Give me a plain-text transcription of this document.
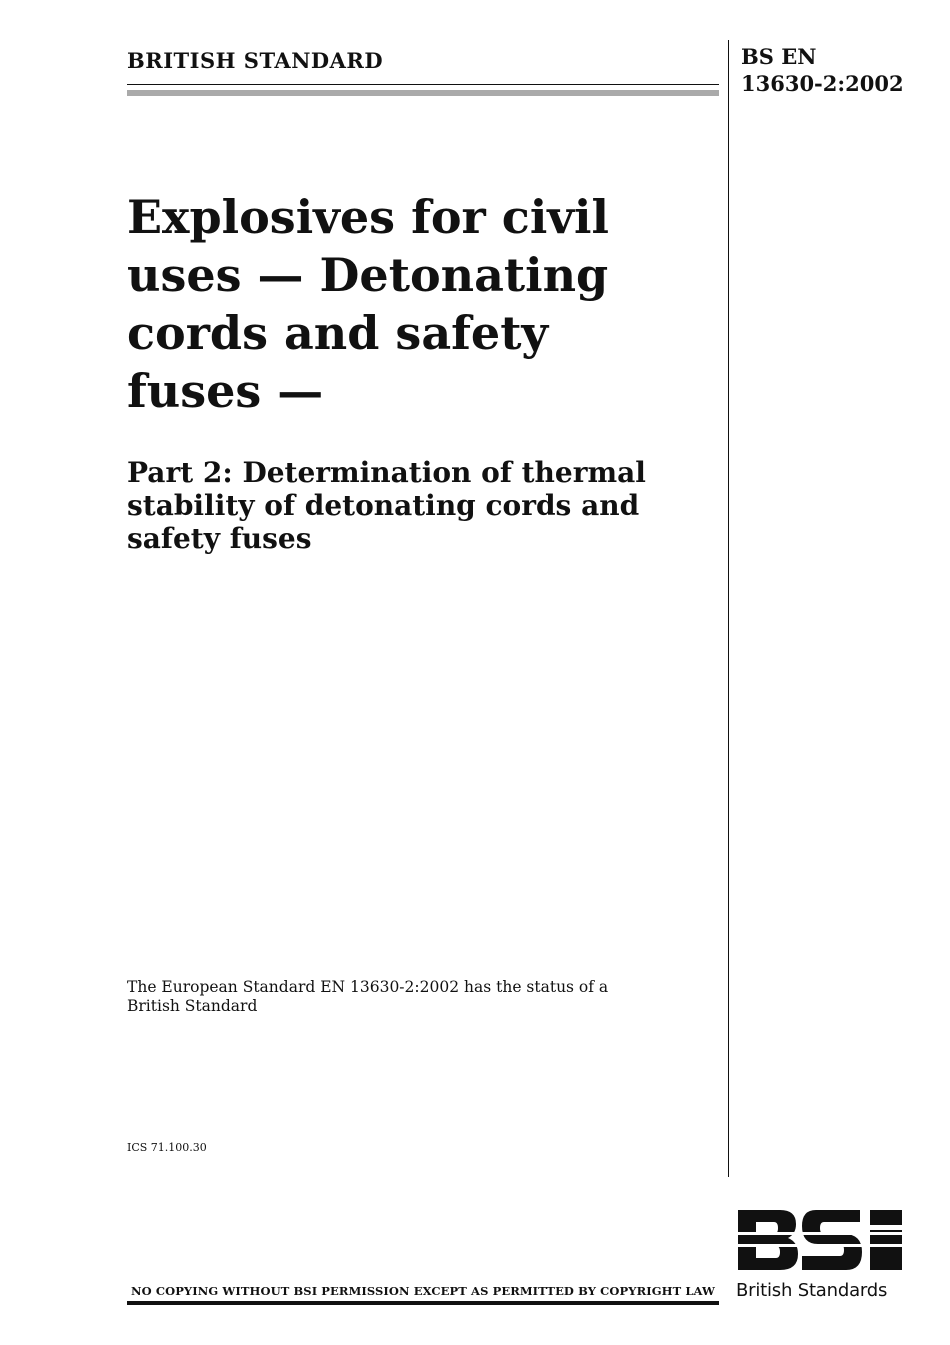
BRITISH STANDARD	BS EN
13630-2:2002
Explosives for civil
uses — Detonating
cords and safety
fuses —
Part 2: Determination of thermal
stability of detonating cords and
safety fuses
The European Standard EN 13630-2:2002 has the status of a
British Standard
ICS 71.100.30
NO COPYING WITHOUT BSI PERMISSION EXCEPT AS PERMITTED BY COPYRIGHT LAW British Standards
